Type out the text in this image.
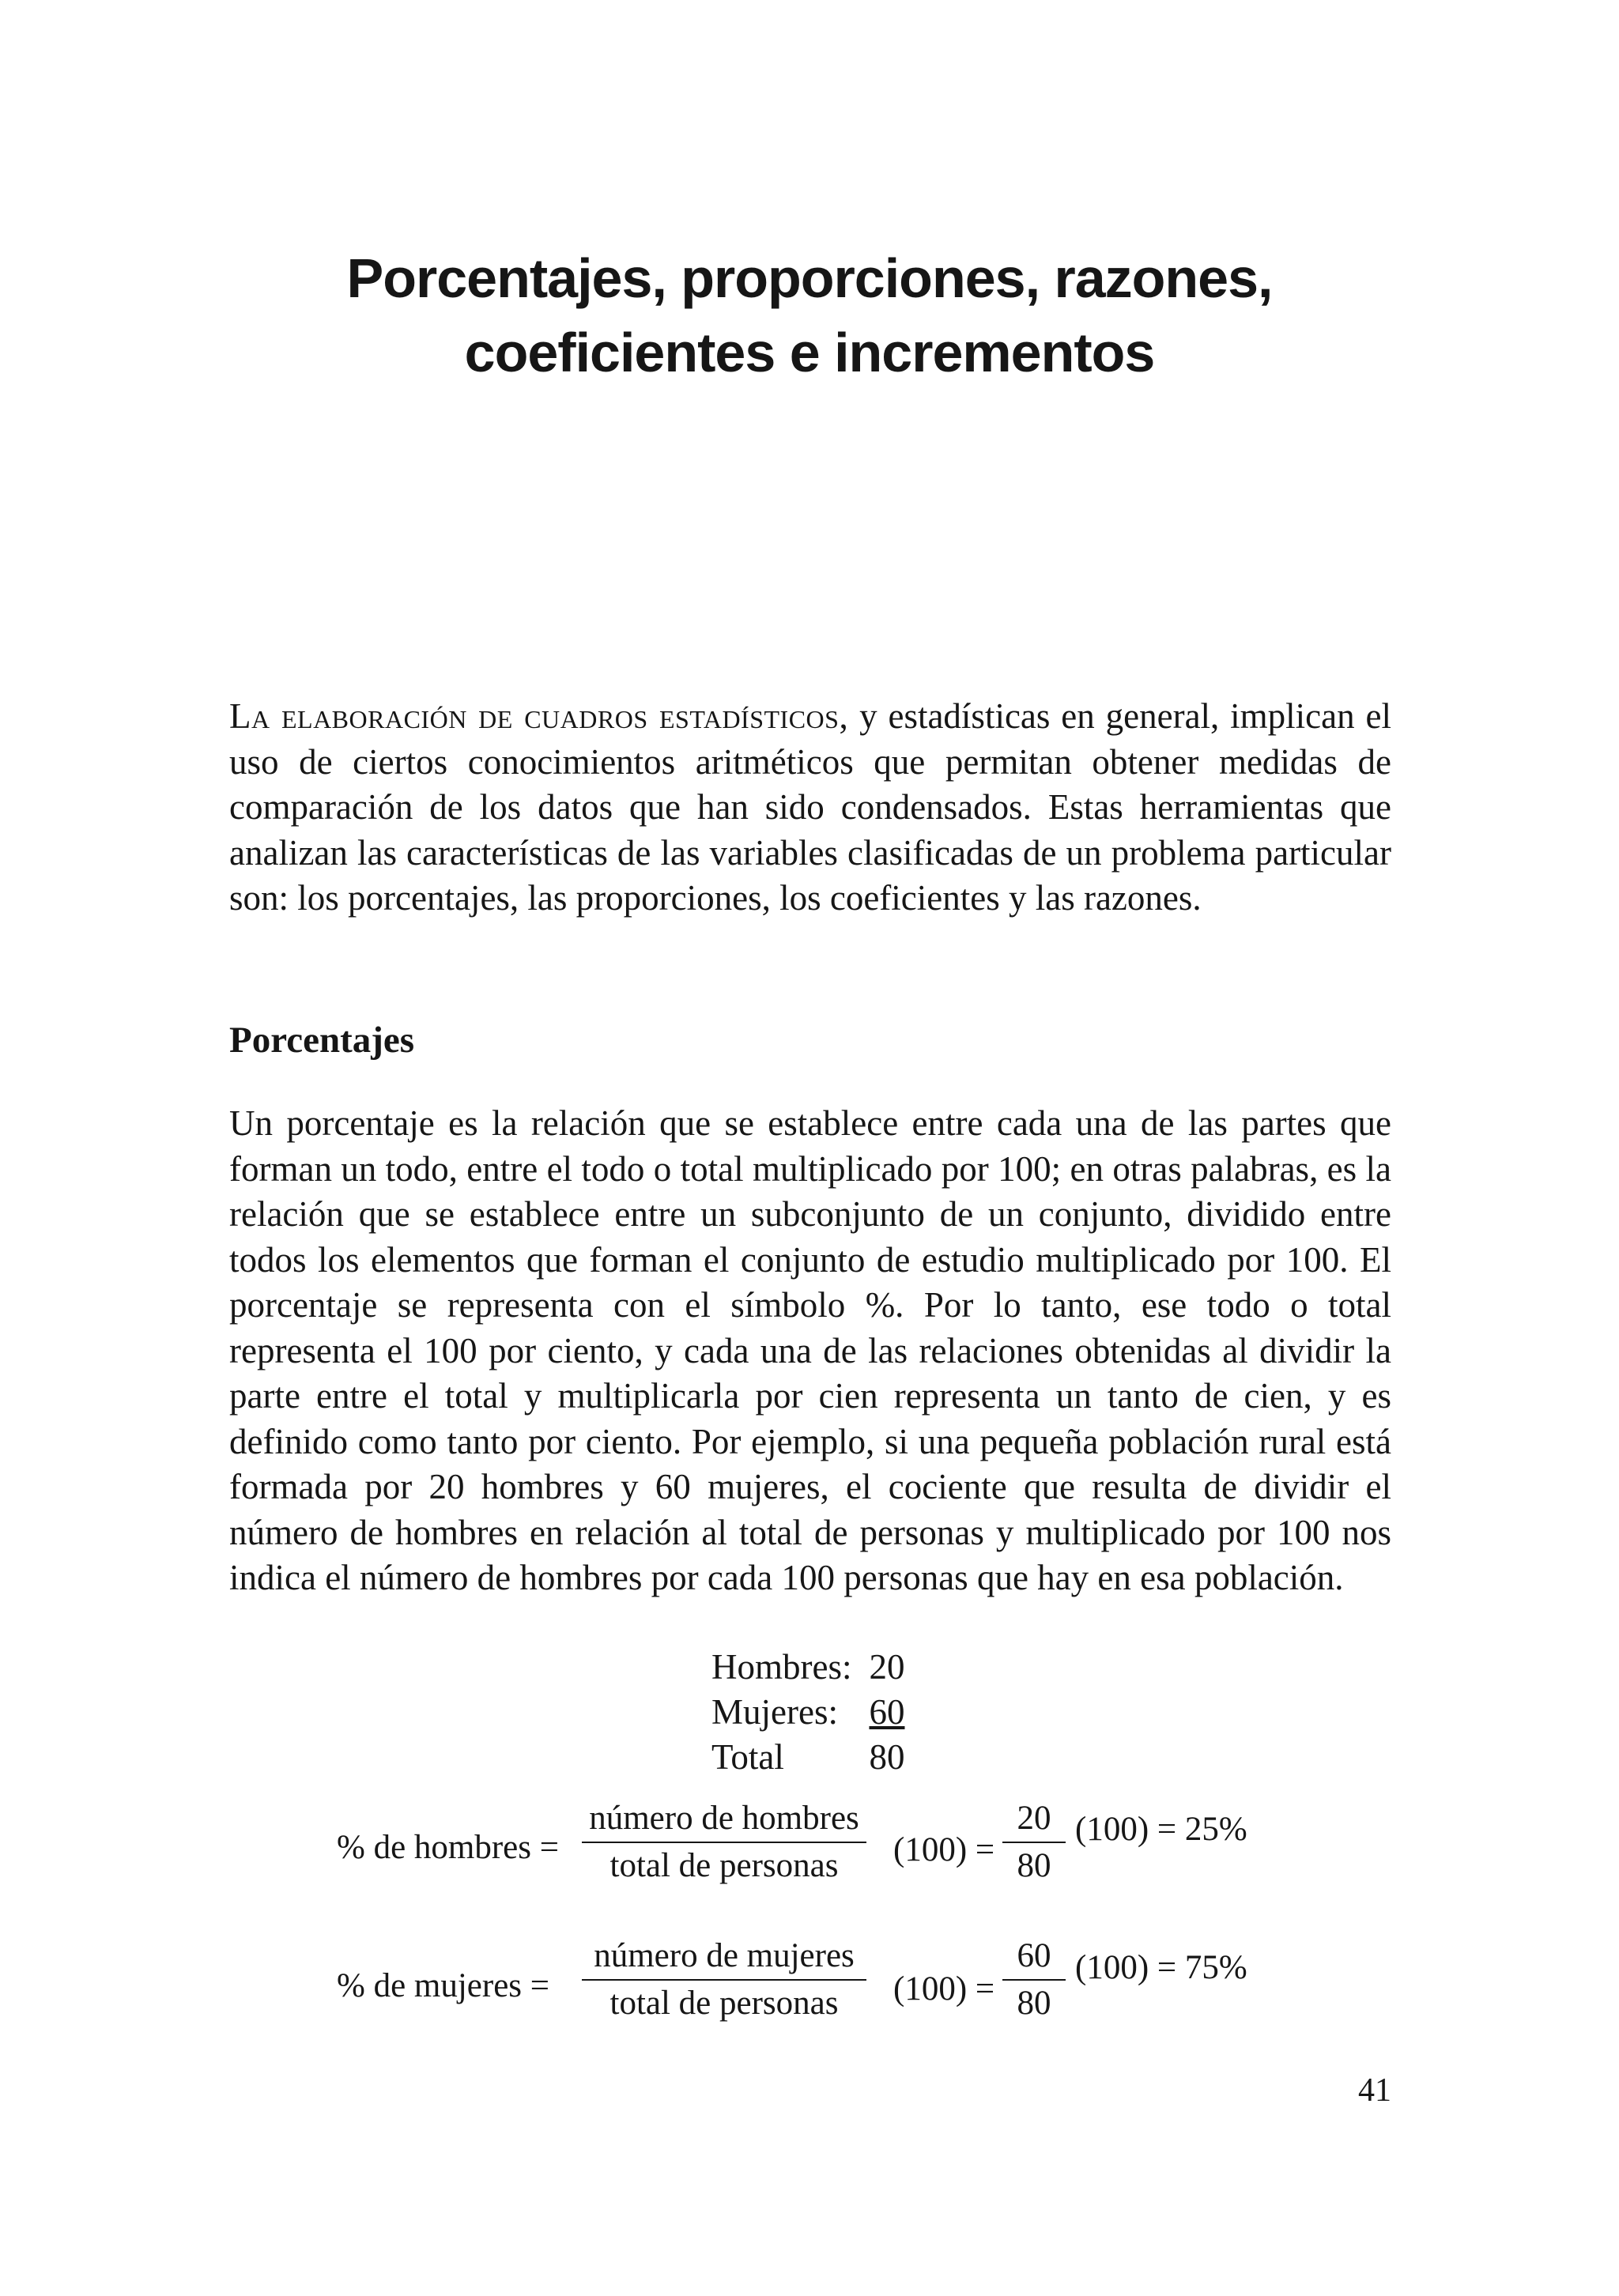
Porcentajes, proporciones, razones,
coeficientes e incrementos

La elaboración de cuadros estadísticos, y estadísticas en general, implican el uso de ciertos conocimientos aritméticos que permitan obtener medidas de comparación de los datos que han sido condensados. Estas herramientas que analizan las características de las variables clasificadas de un problema particular son: los porcentajes, las proporciones, los coeficientes y las razones.

Porcentajes

Un porcentaje es la relación que se establece entre cada una de las partes que forman un todo, entre el todo o total multiplicado por 100; en otras palabras, es la relación que se establece entre un subconjunto de un conjunto, dividido entre todos los elementos que forman el conjunto de estudio multiplicado por 100. El porcentaje se representa con el símbolo %. Por lo tanto, ese todo o total representa el 100 por ciento, y cada una de las relaciones obtenidas al dividir la parte entre el total y multiplicarla por cien representa un tanto de cien, y es definido como tanto por ciento. Por ejemplo, si una pequeña población rural está formada por 20 hombres y 60 mujeres, el cociente que resulta de dividir el número de hombres en relación al total de personas y multiplicado por 100 nos indica el número de hombres por cada 100 personas que hay en esa población.

Hombres:	20
Mujeres:	60
Total	80
% de hombres =
número de hombres
total de personas	$(100) = \frac{20}{80} (100) = 25\%$
% de mujeres =
número de mujeres
total de personas	$(100) = \frac{60}{80} (100) = 75\%$
41
